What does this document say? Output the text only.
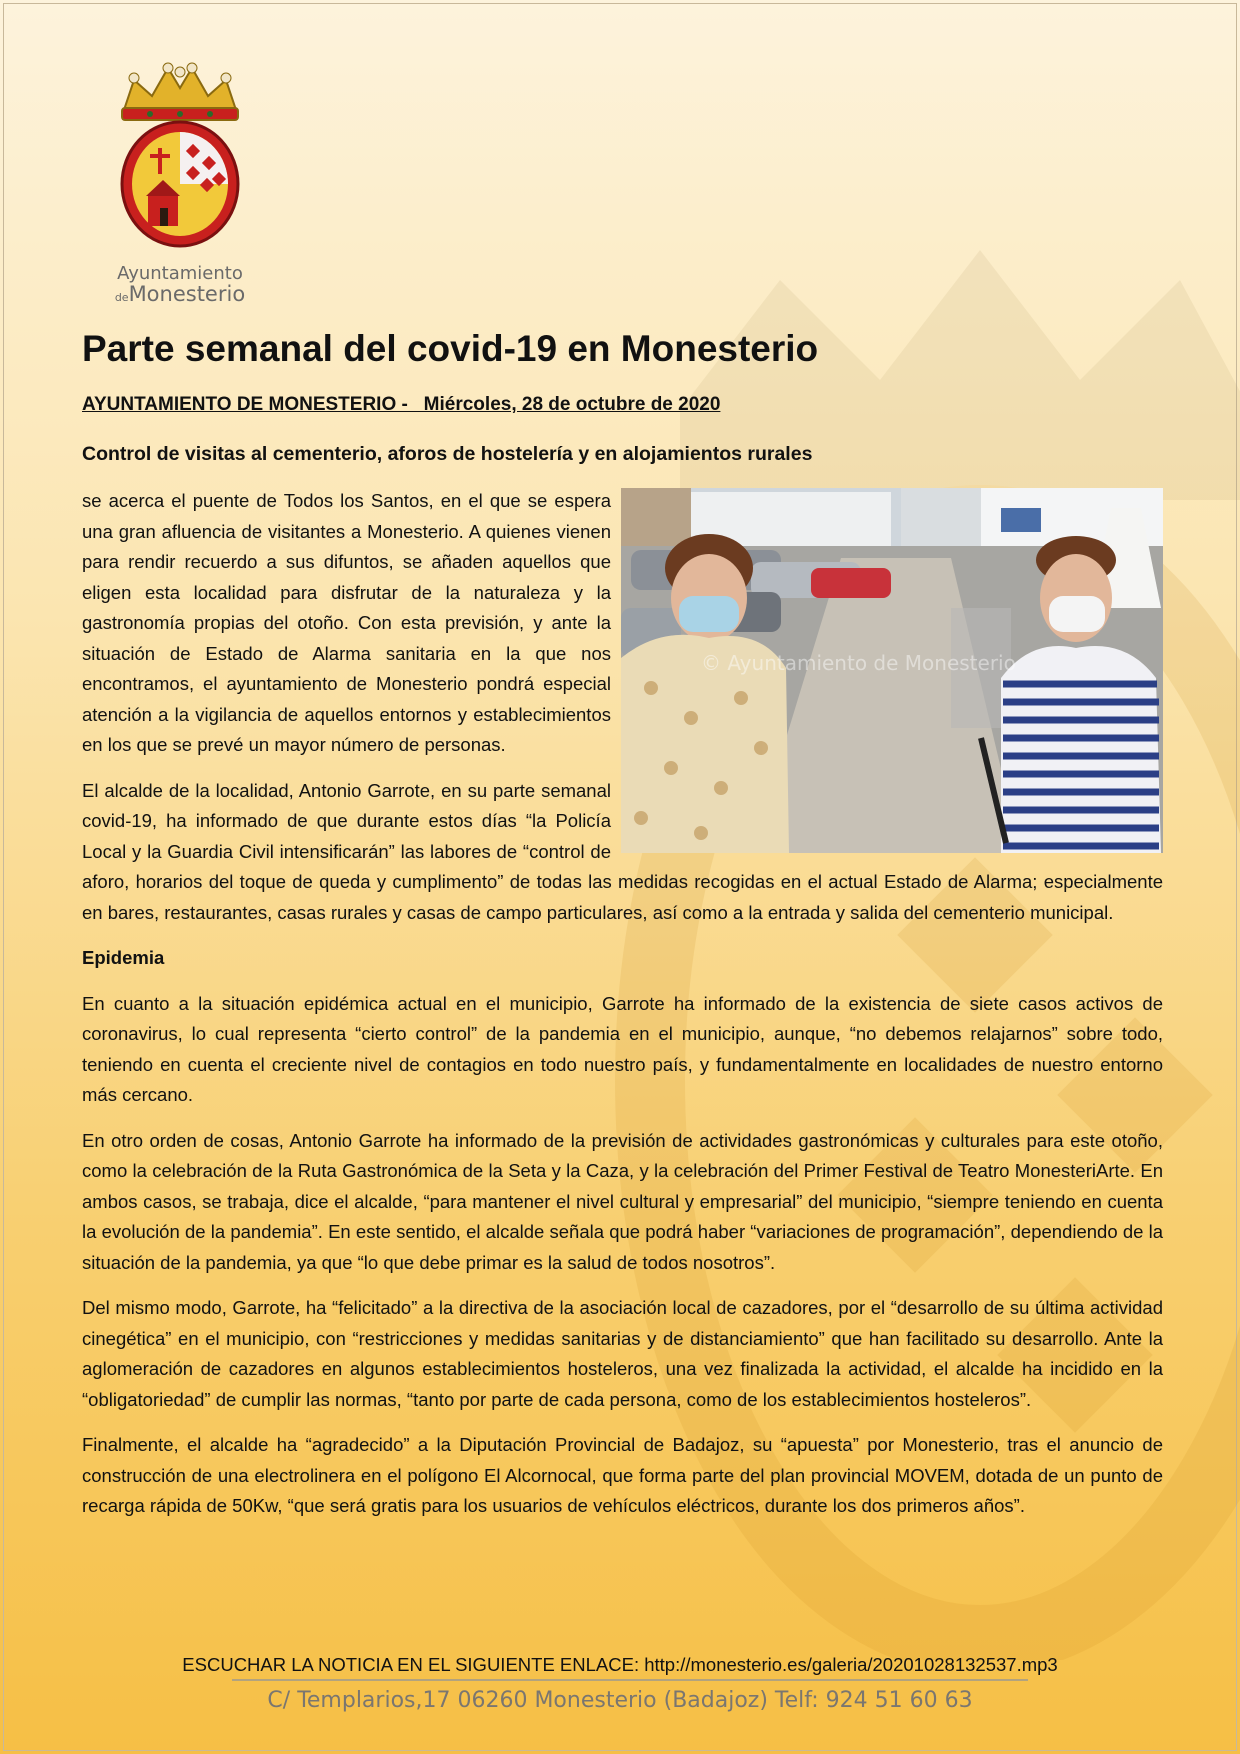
Ayuntamiento
deMonesterio
Parte semanal del covid-19 en Monesterio
AYUNTAMIENTO DE MONESTERIO -   Miércoles, 28 de octubre de 2020
Control de visitas al cementerio, aforos de hostelería y en alojamientos rurales
© Ayuntamiento de Monesterio

se acerca el puente de Todos los Santos, en el que se espera una gran afluencia de visitantes a Monesterio. A quienes vienen para rendir recuerdo a sus difuntos, se añaden aquellos que eligen esta localidad para disfrutar de la naturaleza y la gastronomía propias del otoño. Con esta previsión, y ante la situación de Estado de Alarma sanitaria en la que nos encontramos, el ayuntamiento de Monesterio pondrá especial atención a la vigilancia de aquellos entornos y establecimientos en los que se prevé un mayor número de personas.

El alcalde de la localidad, Antonio Garrote, en su parte semanal covid-19, ha informado de que durante estos días “la Policía Local y la Guardia Civil intensificarán” las labores de “control de aforo, horarios del toque de queda y cumplimento” de todas las medidas recogidas en el actual Estado de Alarma; especialmente en bares, restaurantes, casas rurales y casas de campo particulares, así como a la entrada y salida del cementerio municipal.

Epidemia

En cuanto a la situación epidémica actual en el municipio, Garrote ha informado de la existencia de siete casos activos de coronavirus, lo cual representa “cierto control” de la pandemia en el municipio, aunque, “no debemos relajarnos” sobre todo, teniendo en cuenta el creciente nivel de contagios en todo nuestro país, y fundamentalmente en localidades de nuestro entorno más cercano.

En otro orden de cosas, Antonio Garrote ha informado de la previsión de actividades gastronómicas y culturales para este otoño, como la celebración de la Ruta Gastronómica de la Seta y la Caza, y la celebración del Primer Festival de Teatro MonesteriArte. En ambos casos, se trabaja, dice el alcalde, “para mantener el nivel cultural y empresarial” del municipio, “siempre teniendo en cuenta la evolución de la pandemia”. En este sentido, el alcalde señala que podrá haber “variaciones de programación”, dependiendo de la situación de la pandemia, ya que “lo que debe primar es la salud de todos nosotros”.

Del mismo modo, Garrote, ha “felicitado” a la directiva de la asociación local de cazadores, por el “desarrollo de su última actividad cinegética” en el municipio, con “restricciones y medidas sanitarias y de distanciamiento” que han facilitado su desarrollo. Ante la aglomeración de cazadores en algunos establecimientos hosteleros, una vez finalizada la actividad, el alcalde ha incidido en la “obligatoriedad” de cumplir las normas, “tanto por parte de cada persona, como de los establecimientos hosteleros”.

Finalmente, el alcalde ha “agradecido” a la Diputación Provincial de Badajoz, su “apuesta” por Monesterio, tras el anuncio de construcción de una electrolinera en el polígono El Alcornocal, que forma parte del plan provincial MOVEM, dotada de un punto de recarga rápida de 50Kw, “que será gratis para los usuarios de vehículos eléctricos, durante los dos primeros años”.

ESCUCHAR LA NOTICIA EN EL SIGUIENTE ENLACE: http://monesterio.es/galeria/20201028132537.mp3
C/ Templarios,17 06260 Monesterio (Badajoz) Telf: 924 51 60 63
